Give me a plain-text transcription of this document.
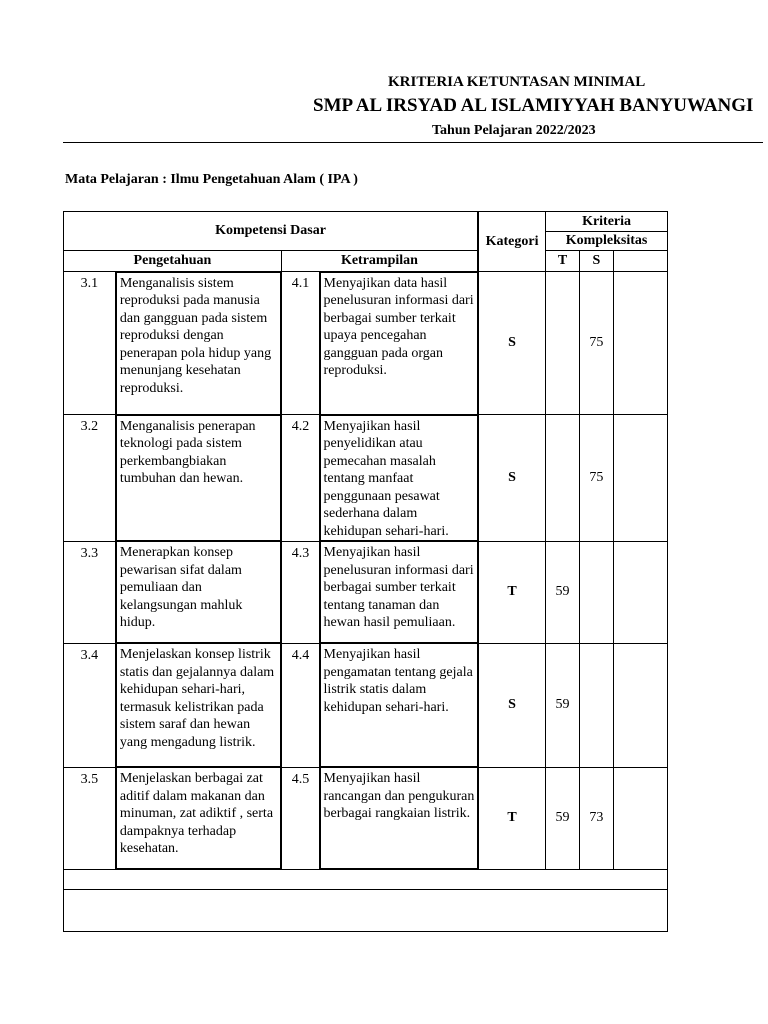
KRITERIA KETUNTASAN MINIMAL
SMP AL IRSYAD AL ISLAMIYYAH BANYUWANGI
Tahun Pelajaran 2022/2023
Mata Pelajaran : Ilmu Pengetahuan Alam ( IPA )
Kompetensi Dasar				Kategori	Kriteria		
					Kompleksitas		
Pengetahuan		Ketrampilan			T	S	
3.1	Menganalisis sistem reproduksi pada manusia dan gangguan pada sistem reproduksi dengan penerapan pola hidup yang menunjang kesehatan reproduksi.	4.1	Menyajikan data hasil penelusuran informasi dari berbagai sumber terkait upaya pencegahan gangguan pada organ reproduksi.	S		75	
3.2	Menganalisis penerapan teknologi pada sistem perkembangbiakan tumbuhan dan hewan.	4.2	Menyajikan hasil penyelidikan atau pemecahan masalah tentang manfaat penggunaan pesawat sederhana dalam kehidupan sehari-hari.	S		75	
3.3	Menerapkan konsep pewarisan sifat dalam pemuliaan dan kelangsungan mahluk hidup.	4.3	Menyajikan hasil penelusuran informasi dari berbagai sumber terkait tentang tanaman dan hewan hasil pemuliaan.	T	59		
3.4	Menjelaskan konsep listrik statis dan gejalannya dalam kehidupan sehari-hari, termasuk kelistrikan pada sistem saraf dan hewan yang mengadung listrik.	4.4	Menyajikan hasil pengamatan tentang gejala listrik statis dalam kehidupan sehari-hari.	S	59		
3.5	Menjelaskan berbagai zat aditif dalam makanan dan minuman, zat adiktif , serta dampaknya terhadap kesehatan.	4.5	Menyajikan hasil rancangan dan pengukuran berbagai rangkaian listrik.	T	59	73	
